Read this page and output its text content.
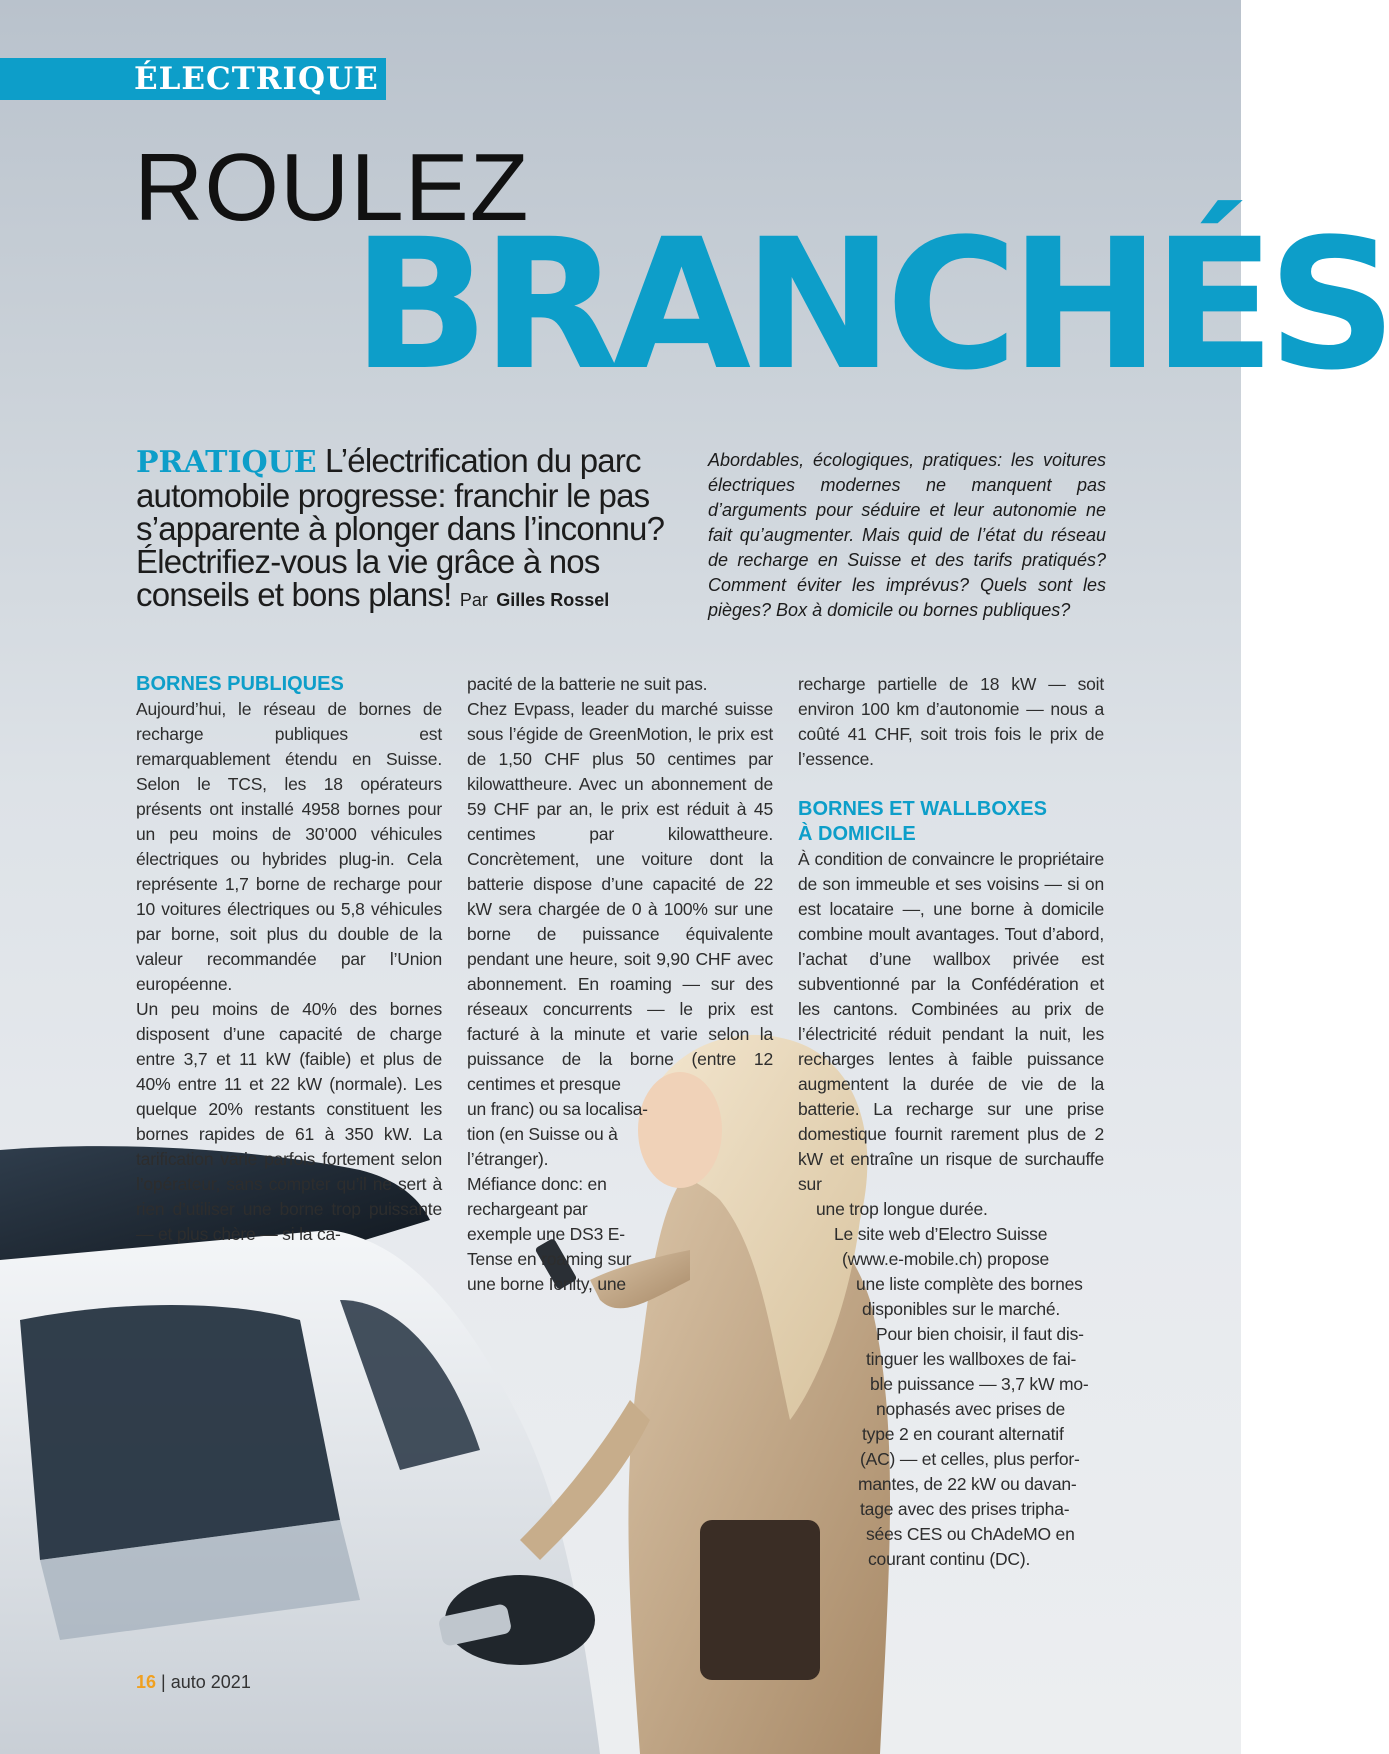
ÉLECTRIQUE
ROULEZ
BRANCHÉS

PRATIQUE L’électrification du parc automobile progresse: franchir le pas s’apparente à plonger dans l’inconnu? Électrifiez-vous la vie grâce à nos conseils et bons plans! Par Gilles Rossel

Abordables, écologiques, pratiques: les voitures électriques modernes ne manquent pas d’arguments pour séduire et leur autonomie ne fait qu’augmenter. Mais quid de l’état du réseau de recharge en Suisse et des tarifs pratiqués? Comment éviter les imprévus? Quels sont les pièges? Box à domicile ou bornes publiques?

BORNES PUBLIQUES

Aujourd’hui, le réseau de bornes de recharge publiques est remarquablement étendu en Suisse. Selon le TCS, les 18 opérateurs présents ont installé 4958 bornes pour un peu moins de 30’000 véhicules électriques ou hybrides plug-in. Cela représente 1,7 borne de recharge pour 10 voitures électriques ou 5,8 véhicules par borne, soit plus du double de la valeur recommandée par l’Union européenne.

Un peu moins de 40% des bornes disposent d’une capacité de charge entre 3,7 et 11 kW (faible) et plus de 40% entre 11 et 22 kW (normale). Les quelque 20% restants constituent les bornes rapides de 61 à 350 kW. La tarification varie parfois fortement selon l’opérateur, sans compter qu’il ne sert à rien d’utiliser une borne trop puissante — et plus chère — si la ca-

pacité de la batterie ne suit pas.

Chez Evpass, leader du marché suisse sous l’égide de GreenMotion, le prix est de 1,50 CHF plus 50 centimes par kilowattheure. Avec un abonnement de 59 CHF par an, le prix est réduit à 45 centimes par kilowattheure. Concrètement, une voiture dont la batterie dispose d’une capacité de 22 kW sera chargée de 0 à 100% sur une borne de puissance équivalente pendant une heure, soit 9,90 CHF avec abonnement. En roaming — sur des réseaux concurrents — le prix est facturé à la minute et varie selon la puissance de la borne (entre 12 centimes et presque

un franc) ou sa localisa-
tion (en Suisse ou à
l’étranger).
Méfiance donc: en
rechargeant par
exemple une DS3 E-
Tense en roaming sur
une borne Ionity, une

recharge partielle de 18 kW — soit environ 100 km d’autonomie — nous a coûté 41 CHF, soit trois fois le prix de l’essence.

BORNES ET WALLBOXES
À DOMICILE

À condition de convaincre le propriétaire de son immeuble et ses voisins — si on est locataire —, une borne à domicile combine moult avantages. Tout d’abord, l’achat d’une wallbox privée est subventionné par la Confédération et les cantons. Combinées au prix de l’électricité réduit pendant la nuit, les recharges lentes à faible puissance augmentent la durée de vie de la batterie. La recharge sur une prise domestique fournit rarement plus de 2 kW et entraîne un risque de surchauffe sur

une trop longue durée.
Le site web d’Electro Suisse
(www.e-mobile.ch) propose
une liste complète des bornes
disponibles sur le marché.
Pour bien choisir, il faut dis-
tinguer les wallboxes de fai-
ble puissance — 3,7 kW mo-
nophasés avec prises de
type 2 en courant alternatif
(AC) — et celles, plus perfor-
mantes, de 22 kW ou davan-
tage avec des prises tripha-
sées CES ou ChAdeMO en
courant continu (DC).
16 | auto 2021
